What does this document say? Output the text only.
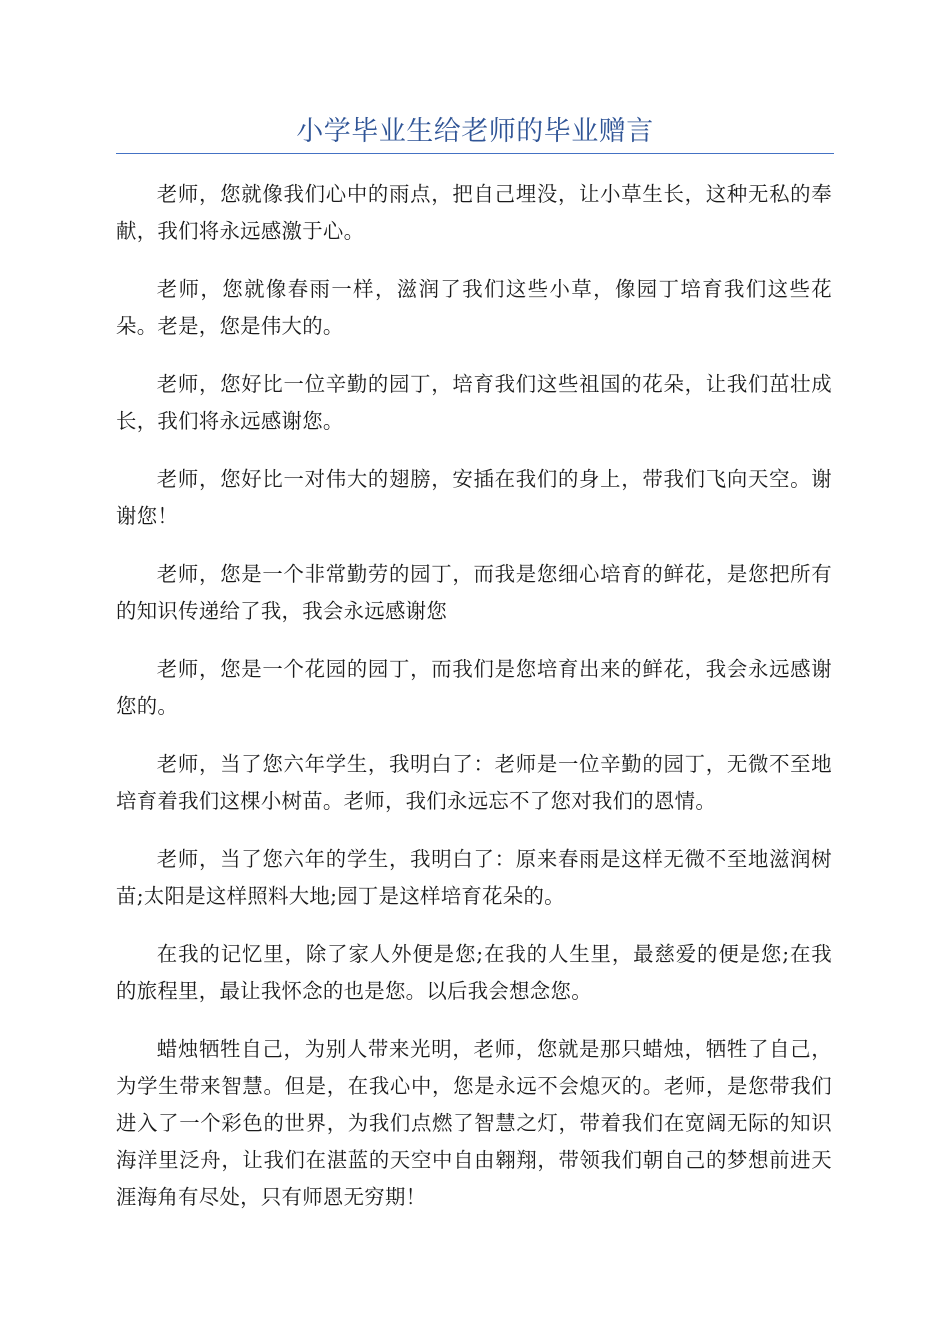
小学毕业生给老师的毕业赠言

老师，您就像我们心中的雨点，把自己埋没，让小草生长，这种无私的奉献，我们将永远感激于心。

老师，您就像春雨一样，滋润了我们这些小草，像园丁培育我们这些花朵。老是，您是伟大的。

老师，您好比一位辛勤的园丁，培育我们这些祖国的花朵，让我们茁壮成长，我们将永远感谢您。

老师，您好比一对伟大的翅膀，安插在我们的身上，带我们飞向天空。谢谢您！

老师，您是一个非常勤劳的园丁，而我是您细心培育的鲜花，是您把所有的知识传递给了我，我会永远感谢您

老师，您是一个花园的园丁，而我们是您培育出来的鲜花，我会永远感谢您的。

老师，当了您六年学生，我明白了：老师是一位辛勤的园丁，无微不至地培育着我们这棵小树苗。老师，我们永远忘不了您对我们的恩情。

老师，当了您六年的学生，我明白了：原来春雨是这样无微不至地滋润树苗;太阳是这样照料大地;园丁是这样培育花朵的。

在我的记忆里，除了家人外便是您;在我的人生里，最慈爱的便是您;在我的旅程里，最让我怀念的也是您。以后我会想念您。

蜡烛牺牲自己，为别人带来光明，老师，您就是那只蜡烛，牺牲了自己，为学生带来智慧。但是，在我心中，您是永远不会熄灭的。老师，是您带我们进入了一个彩色的世界，为我们点燃了智慧之灯，带着我们在宽阔无际的知识海洋里泛舟，让我们在湛蓝的天空中自由翱翔，带领我们朝自己的梦想前进天涯海角有尽处，只有师恩无穷期！
